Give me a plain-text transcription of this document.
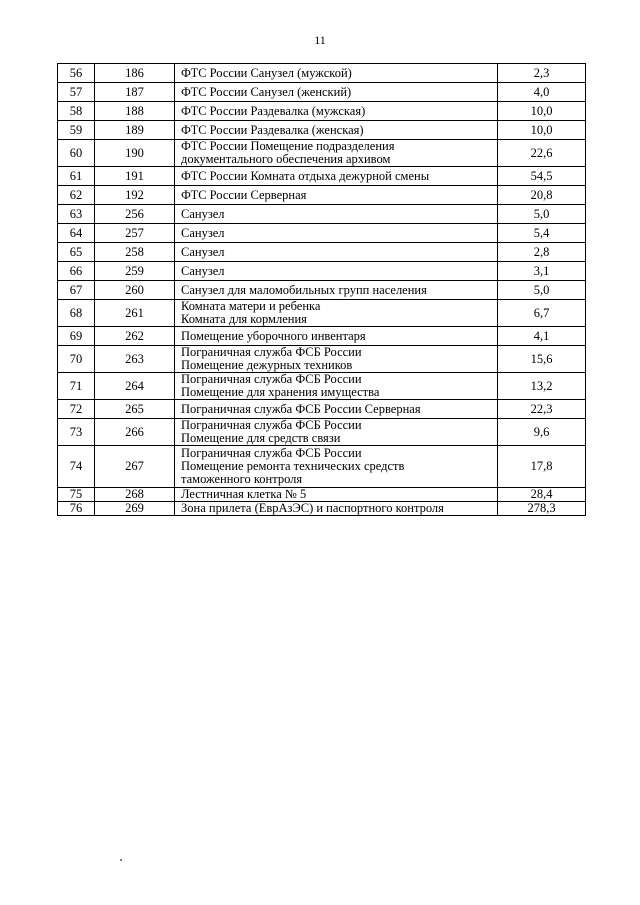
11
56	186	ФТС России Санузел (мужской)	2,3
57	187	ФТС России Санузел (женский)	4,0
58	188	ФТС России Раздевалка (мужская)	10,0
59	189	ФТС России Раздевалка (женская)	10,0
60	190	ФТС России Помещение подразделения
документального обеспечения архивом	22,6
61	191	ФТС России Комната отдыха дежурной смены	54,5
62	192	ФТС России Серверная	20,8
63	256	Санузел	5,0
64	257	Санузел	5,4
65	258	Санузел	2,8
66	259	Санузел	3,1
67	260	Санузел для маломобильных групп населения	5,0
68	261	Комната матери и ребенка
Комната для кормления	6,7
69	262	Помещение уборочного инвентаря	4,1
70	263	Пограничная служба ФСБ России
Помещение дежурных техников	15,6
71	264	Пограничная служба ФСБ России
Помещение для хранения имущества	13,2
72	265	Пограничная служба ФСБ России Серверная	22,3
73	266	Пограничная служба ФСБ России
Помещение для средств связи	9,6
74	267	Пограничная служба ФСБ России
Помещение ремонта технических средств
таможенного контроля	17,8
75	268	Лестничная клетка № 5	28,4
76	269	Зона прилета (ЕврАзЭС) и паспортного контроля	278,3
